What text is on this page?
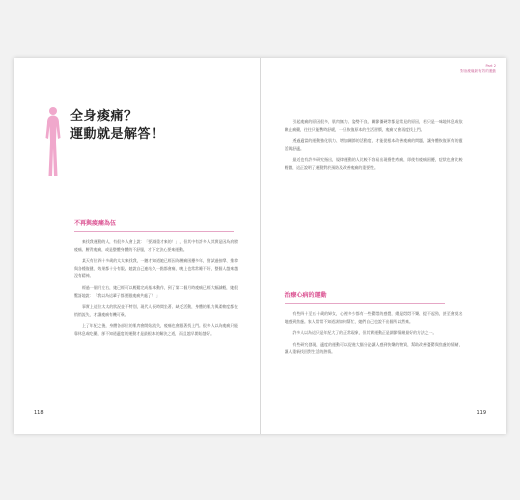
全身痠痛？
運動就是解答！
不再與痠痛為伍

來找我運動的人，有很多人會上說：「要減重才來的！」，但其中有許多人其實是因為肩膀痠痛、腰背痠痛，或是整體身體的不舒服，才下定決心要來運動。

某天有位四十多歲的太太來找我，一聽才知道她已經因為腰痛困擾多年，嘗試過按摩、推拿與各種復健，效果都十分有限。她說自己連站久一點都會痛，晚上也常常睡不好，整個人越來越沒有精神。

經過一個月左右，她已經可以輕鬆完成基本動作，到了第二個月時痠痛已經大幅減輕，她很驚訝地說：「我以為這輩子都要跟痠痛共處了！」

事實上這位太太的狀況並不特別，現代人長時間坐著、缺乏活動，身體的肌力與柔軟度都在悄悄流失，才讓痠痛有機可乘。

上了年紀之後，身體各部位的肌肉會開始流失，痠痛也會跟著找上門。很多人以為痠痛只能靠休息或吃藥，卻不知道適度的運動才是最根本的解決之道，而且越早開始越好。

118
Part 2
對治痠痛最有效的運動

引起痠痛的原因很多，肌肉無力、姿勢不良、關節僵硬等都是常見的原因，若只是一味地休息或依賴止痛藥，往往只能暫時舒緩，一旦恢復原本的生活習慣，痠痛又會再度找上門。

透過適當的運動強化肌力、增加關節的活動度，才能從根本改善痠痛的問題，讓身體恢復原有的靈活與舒適。

最近也有許多研究指出，規律運動的人比較不容易出現慢性疼痛，即使有痠痛困擾，症狀也會比較輕微，這正說明了運動對於預防及改善痠痛的重要性。

治療心病的運動

有些四十至五十歲的婦女，心裡多少都有一些鬱悶的感覺，總是悶悶不樂、提不起勁，甚至會莫名地感到焦慮。家人常常不知道該如何幫忙，她們自己也說不出個所以然來。

許多人以為這只是年紀大了的正常現象，但其實運動正是調節情緒最好的方法之一。

有些研究發現，適度的運動可以促進大腦分泌讓人感到快樂的物質，幫助改善憂鬱與焦慮的情緒，讓人重新找回對生活的熱情。

119
